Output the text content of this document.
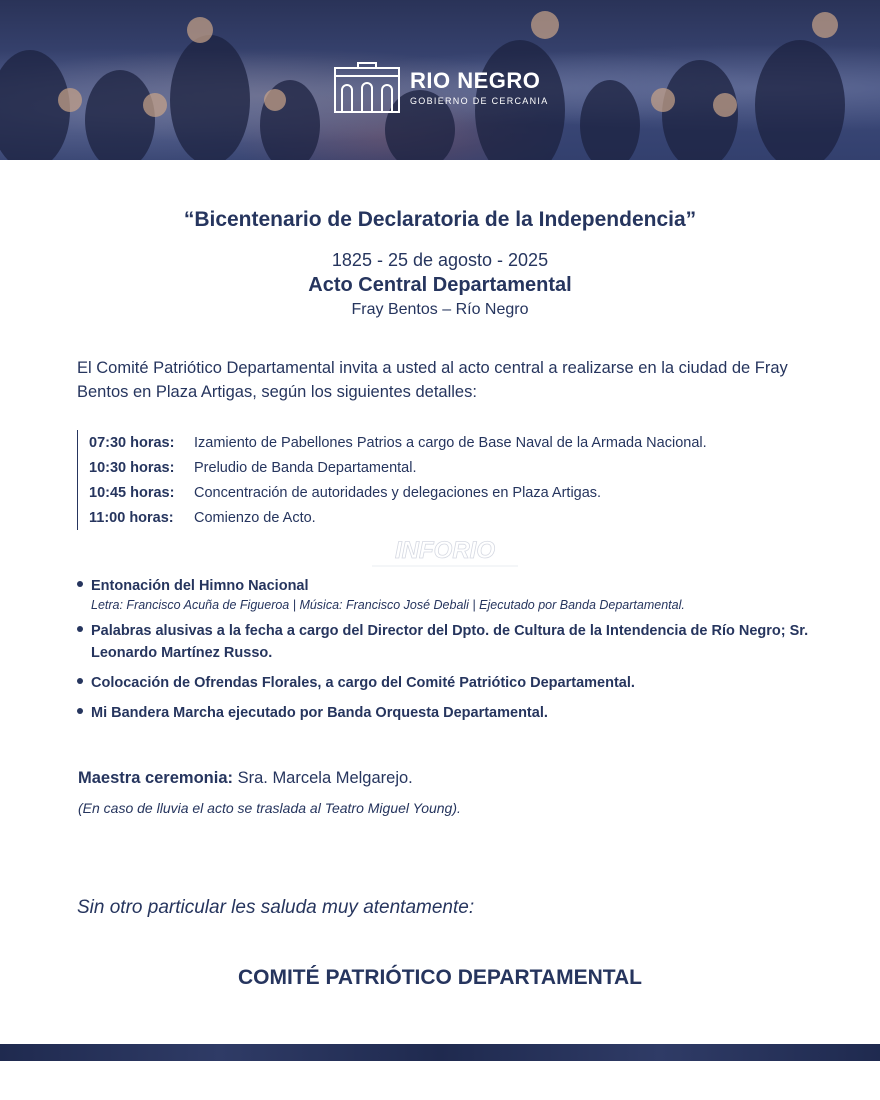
RIO NEGRO
GOBIERNO DE CERCANIA
“Bicentenario de Declaratoria de la Independencia”
1825 - 25 de agosto - 2025
Acto Central Departamental
Fray Bentos – Río Negro
El Comité Patriótico Departamental invita a usted al acto central a realizarse en la ciudad de Fray Bentos en Plaza Artigas, según los siguientes detalles:
07:30 horas:	Izamiento de Pabellones Patrios a cargo de Base Naval de la Armada Nacional.
10:30 horas:	Preludio de Banda Departamental.
10:45 horas:	Concentración de autoridades y delegaciones en Plaza Artigas.
11:00 horas:	Comienzo de Acto.
INFORIO
Entonación del Himno Nacional
Letra: Francisco Acuña de Figueroa | Música: Francisco José Debali | Ejecutado por Banda Departamental.
Palabras alusivas a la fecha a cargo del Director del Dpto. de Cultura de la Intendencia de Río Negro; Sr. Leonardo Martínez Russo.
Colocación de Ofrendas Florales, a cargo del Comité Patriótico Departamental.
Mi Bandera Marcha ejecutado por Banda Orquesta Departamental.
Maestra ceremonia: Sra. Marcela Melgarejo.
(En caso de lluvia el acto se traslada al Teatro Miguel Young).
Sin otro particular les saluda muy atentamente:
COMITÉ PATRIÓTICO DEPARTAMENTAL
